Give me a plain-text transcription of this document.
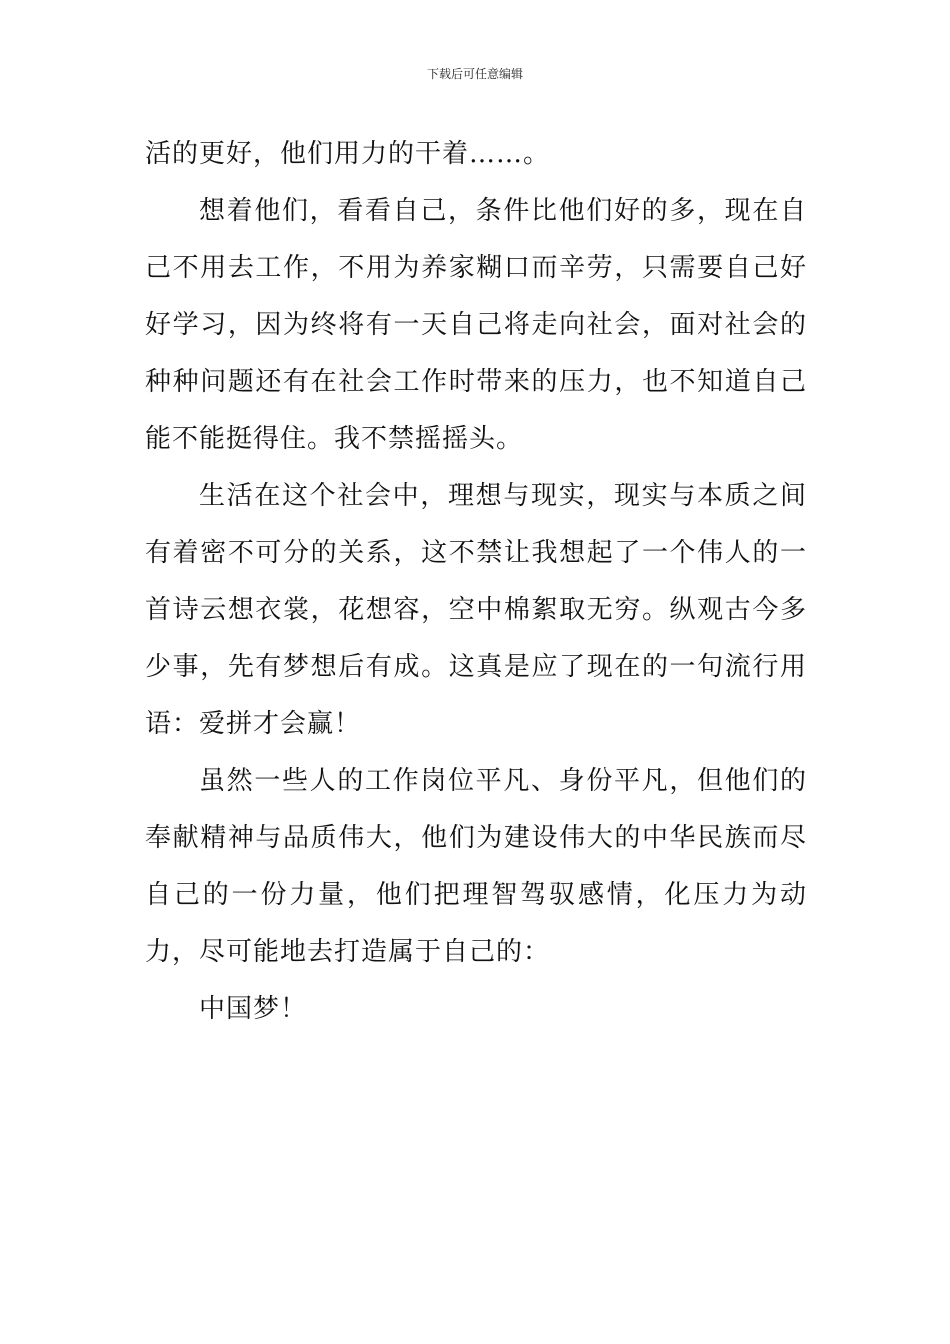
下载后可任意编辑

活的更好，他们用力的干着……。

想着他们，看看自己，条件比他们好的多，现在自己不用去工作，不用为养家糊口而辛劳，只需要自己好好学习，因为终将有一天自己将走向社会，面对社会的种种问题还有在社会工作时带来的压力，也不知道自己能不能挺得住。我不禁摇摇头。

生活在这个社会中，理想与现实，现实与本质之间有着密不可分的关系，这不禁让我想起了一个伟人的一首诗云想衣裳，花想容，空中棉絮取无穷。纵观古今多少事，先有梦想后有成。这真是应了现在的一句流行用语：爱拼才会赢！

虽然一些人的工作岗位平凡、身份平凡，但他们的奉献精神与品质伟大，他们为建设伟大的中华民族而尽自己的一份力量，他们把理智驾驭感情，化压力为动力，尽可能地去打造属于自己的：

中国梦！
